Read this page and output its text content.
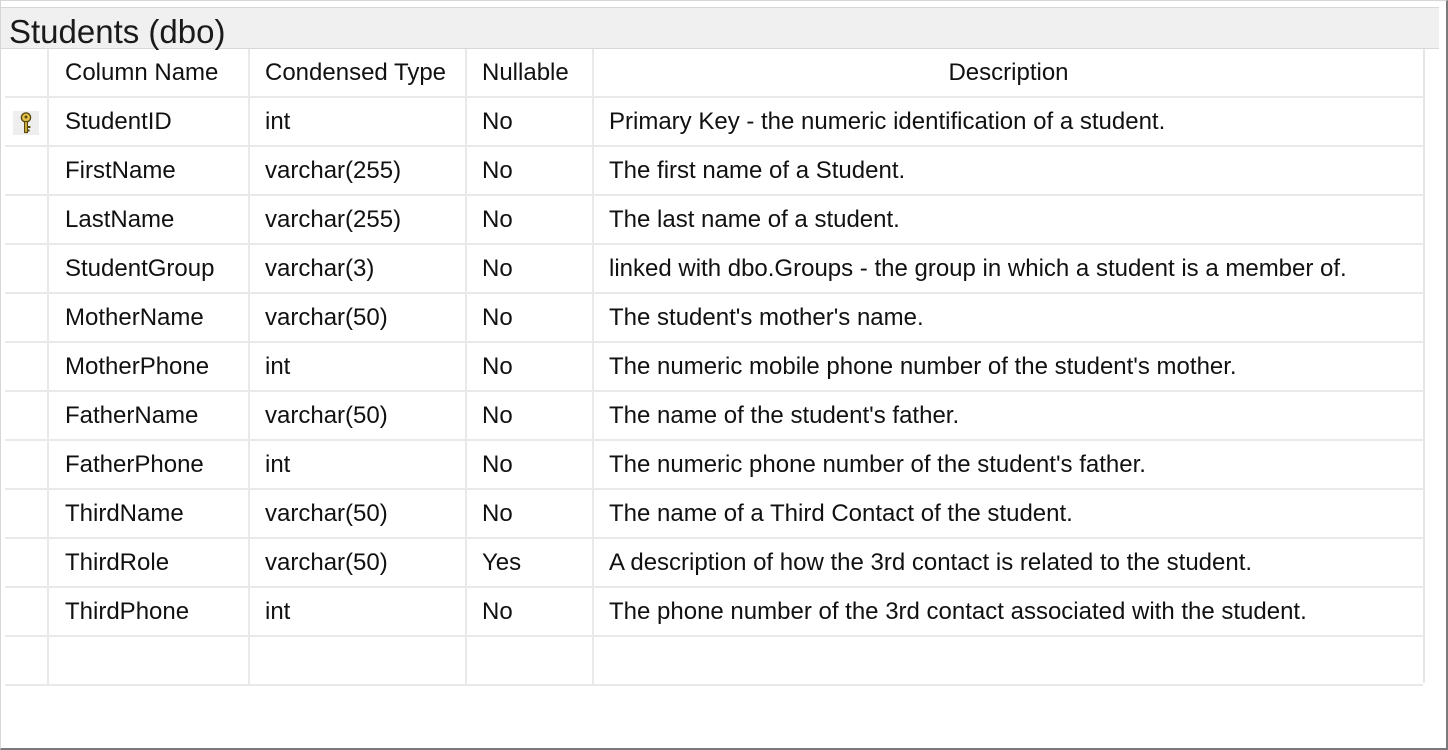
Students (dbo)
Column Name	Condensed Type	Nullable	Description
StudentID	int	No	Primary Key - the numeric identification of a student.
FirstName	varchar(255)	No	The first name of a Student.
LastName	varchar(255)	No	The last name of a student.
StudentGroup	varchar(3)	No	linked with dbo.Groups - the group in which a student is a member of.
MotherName	varchar(50)	No	The student's mother's name.
MotherPhone	int	No	The numeric mobile phone number of the student's mother.
FatherName	varchar(50)	No	The name of the student's father.
FatherPhone	int	No	The numeric phone number of the student's father.
ThirdName	varchar(50)	No	The name of a Third Contact of the student.
ThirdRole	varchar(50)	Yes	A description of how the 3rd contact is related to the student.
ThirdPhone	int	No	The phone number of the 3rd contact associated with the student.
